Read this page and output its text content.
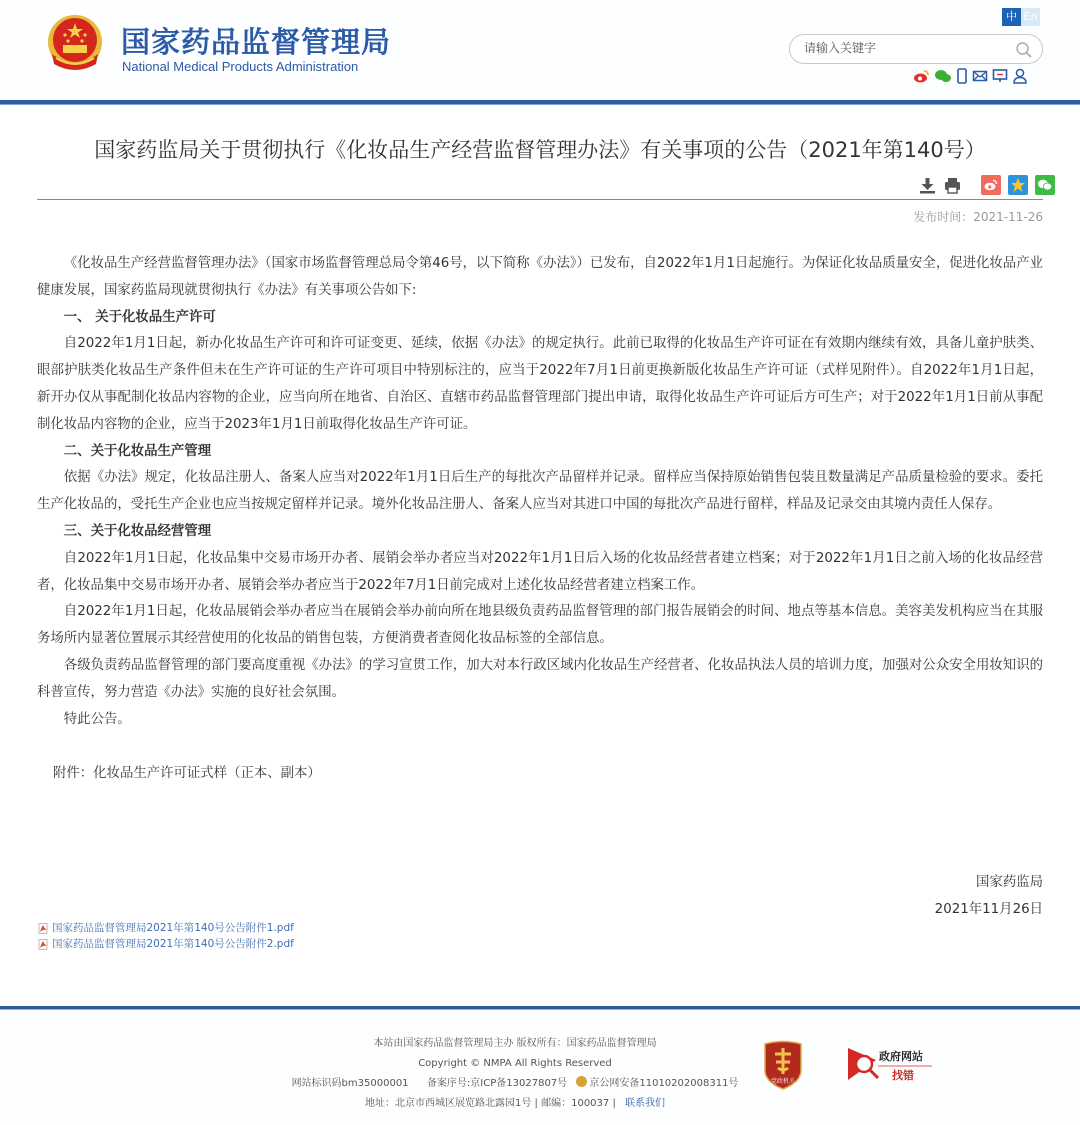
国家药品监督管理局
National Medical Products Administration
中 En
请输入关键字
国家药监局关于贯彻执行《化妆品生产经营监督管理办法》有关事项的公告（2021年第140号）
发布时间：2021-11-26

《化妆品生产经营监督管理办法》（国家市场监督管理总局令第46号，以下简称《办法》）已发布，自2022年1月1日起施行。为保证化妆品质量安全，促进化妆品产业健康发展，国家药监局现就贯彻执行《办法》有关事项公告如下:

一、 关于化妆品生产许可

自2022年1月1日起，新办化妆品生产许可和许可证变更、延续，依据《办法》的规定执行。此前已取得的化妆品生产许可证在有效期内继续有效，具备儿童护肤类、眼部护肤类化妆品生产条件但未在生产许可证的生产许可项目中特别标注的，应当于2022年7月1日前更换新版化妆品生产许可证（式样见附件）。自2022年1月1日起，新开办仅从事配制化妆品内容物的企业，应当向所在地省、自治区、直辖市药品监督管理部门提出申请，取得化妆品生产许可证后方可生产；对于2022年1月1日前从事配制化妆品内容物的企业，应当于2023年1月1日前取得化妆品生产许可证。

二、关于化妆品生产管理

依据《办法》规定，化妆品注册人、备案人应当对2022年1月1日后生产的每批次产品留样并记录。留样应当保持原始销售包装且数量满足产品质量检验的要求。委托生产化妆品的，受托生产企业也应当按规定留样并记录。境外化妆品注册人、备案人应当对其进口中国的每批次产品进行留样，样品及记录交由其境内责任人保存。

三、关于化妆品经营管理

自2022年1月1日起，化妆品集中交易市场开办者、展销会举办者应当对2022年1月1日后入场的化妆品经营者建立档案；对于2022年1月1日之前入场的化妆品经营者，化妆品集中交易市场开办者、展销会举办者应当于2022年7月1日前完成对上述化妆品经营者建立档案工作。

自2022年1月1日起，化妆品展销会举办者应当在展销会举办前向所在地县级负责药品监督管理的部门报告展销会的时间、地点等基本信息。美容美发机构应当在其服务场所内显著位置展示其经营使用的化妆品的销售包装，方便消费者查阅化妆品标签的全部信息。

各级负责药品监督管理的部门要高度重视《办法》的学习宣贯工作，加大对本行政区域内化妆品生产经营者、化妆品执法人员的培训力度，加强对公众安全用妆知识的科普宣传，努力营造《办法》实施的良好社会氛围。

特此公告。

附件：化妆品生产许可证式样（正本、副本）
国家药监局
2021年11月26日
国家药品监督管理局2021年第140号公告附件1.pdf
国家药品监督管理局2021年第140号公告附件2.pdf
本站由国家药品监督管理局主办 版权所有：国家药品监督管理局
Copyright © NMPA All Rights Reserved
网站标识码bm35000001 备案序号:京ICP备13027807号 京公网安备11010202008311号
地址：北京市西城区展览路北露园1号 | 邮编：100037 | 联系我们
党政机关
政府网站
找错
